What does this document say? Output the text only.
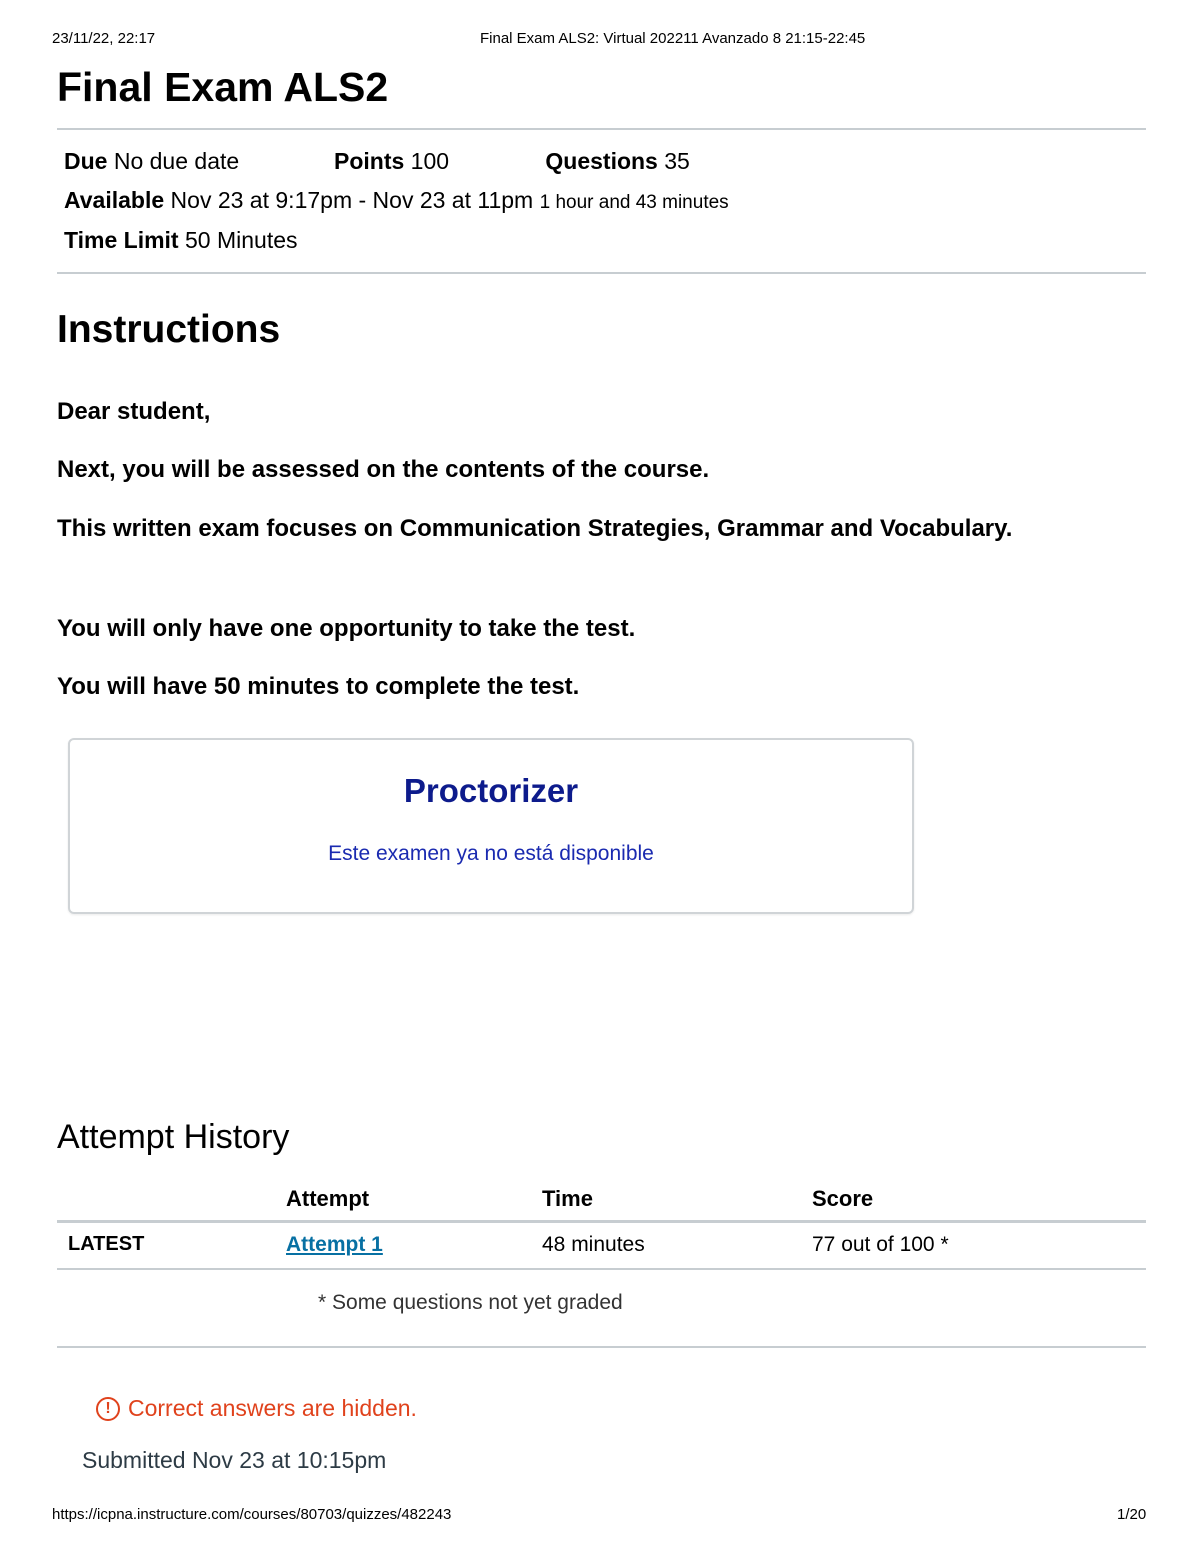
23/11/22, 22:17	Final Exam ALS2: Virtual 202211 Avanzado 8 21:15-22:45
Final Exam ALS2
Due No due date	Points 100	Questions 35
Available Nov 23 at 9:17pm - Nov 23 at 11pm 1 hour and 43 minutes
Time Limit 50 Minutes
Instructions

Dear student,

Next, you will be assessed on the contents of the course.

This written exam focuses on Communication Strategies, Grammar and Vocabulary.

You will only have one opportunity to take the test.

You will have 50 minutes to complete the test.

Proctorizer
Este examen ya no está disponible
Attempt History
Attempt	Time	Score
LATEST	Attempt 1	48 minutes	77 out of 100 *
* Some questions not yet graded
! Correct answers are hidden.
Submitted Nov 23 at 10:15pm
https://icpna.instructure.com/courses/80703/quizzes/482243	1/20
